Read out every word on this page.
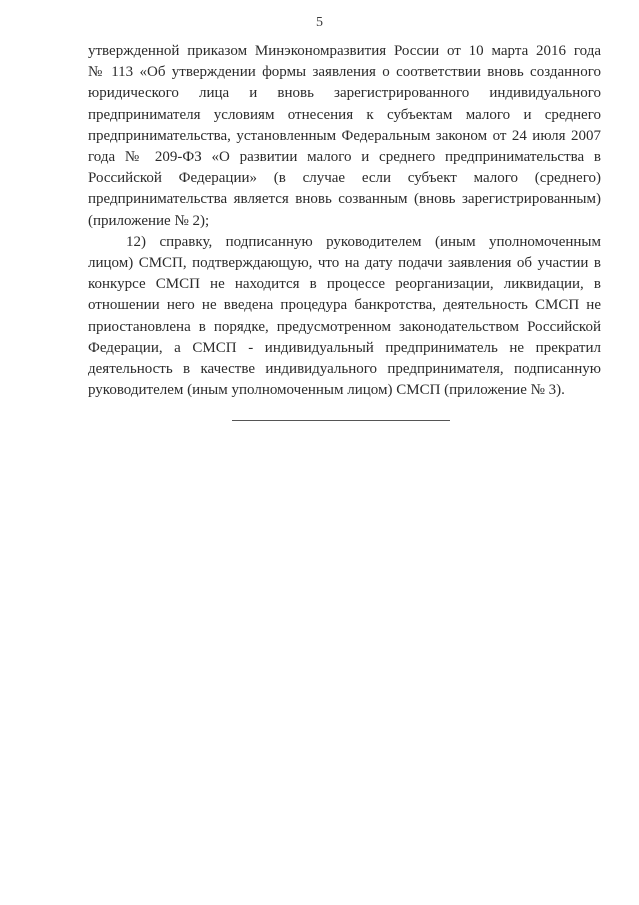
5
утвержденной приказом Минэкономразвития России от 10 марта 2016 года
№ 113 «Об утверждении формы заявления о соответствии вновь созданного
юридического лица и вновь зарегистрированного индивидуального
предпринимателя условиям отнесения к субъектам малого и среднего
предпринимательства, установленным Федеральным законом от 24 июля 2007
года № 209-ФЗ «О развитии малого и среднего предпринимательства в
Российской Федерации» (в случае если субъект малого (среднего)
предпринимательства является вновь созванным (вновь зарегистрированным)
(приложение № 2);
12) справку, подписанную руководителем (иным уполномоченным
лицом) СМСП, подтверждающую, что на дату подачи заявления об участии в
конкурсе СМСП не находится в процессе реорганизации, ликвидации, в
отношении него не введена процедура банкротства, деятельность СМСП не
приостановлена в порядке, предусмотренном законодательством Российской
Федерации, а СМСП - индивидуальный предприниматель не прекратил
деятельность в качестве индивидуального предпринимателя, подписанную
руководителем (иным уполномоченным лицом) СМСП (приложение № 3).
